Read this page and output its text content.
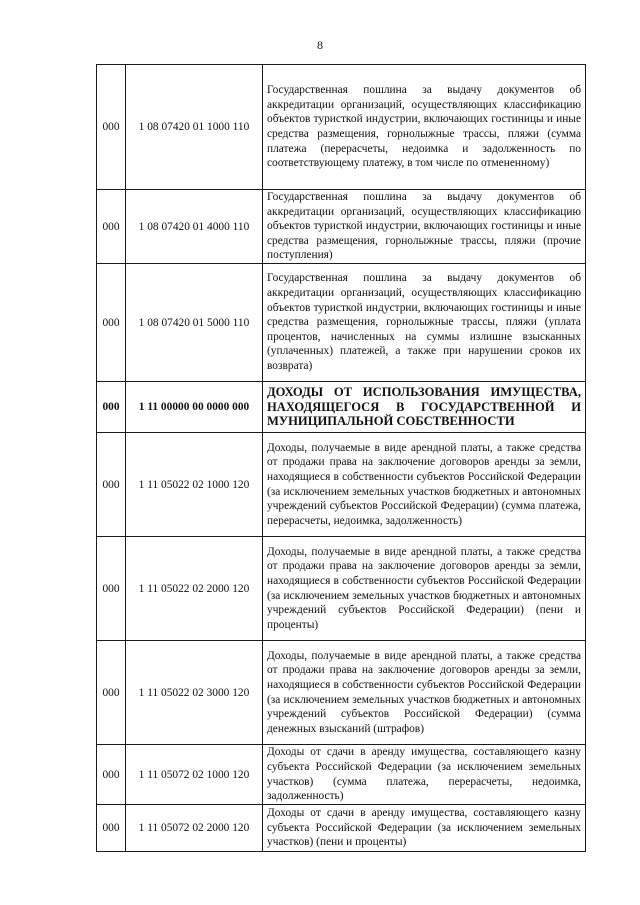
8
000	1 08 07420 01 1000 110	Государственная пошлина за выдачу документов об аккредитации организаций, осуществляющих классификацию объектов туристкой индустрии, включающих гостиницы и иные средства размещения, горнолыжные трассы, пляжи (сумма платежа (перерасчеты, недоимка и задолженность по соответствующему платежу, в том числе по отмененному)
000	1 08 07420 01 4000 110	Государственная пошлина за выдачу документов об аккредитации организаций, осуществляющих классификацию объектов туристкой индустрии, включающих гостиницы и иные средства размещения, горнолыжные трассы, пляжи (прочие поступления)
000	1 08 07420 01 5000 110	Государственная пошлина за выдачу документов об аккредитации организаций, осуществляющих классификацию объектов туристкой индустрии, включающих гостиницы и иные средства размещения, горнолыжные трассы, пляжи (уплата процентов, начисленных на суммы излишне взысканных (уплаченных) платежей, а также при нарушении сроков их возврата)
000	1 11 00000 00 0000 000	ДОХОДЫ ОТ ИСПОЛЬЗОВАНИЯ ИМУЩЕСТВА, НАХОДЯЩЕГОСЯ В ГОСУДАРСТВЕННОЙ И МУНИЦИПАЛЬНОЙ СОБСТВЕННОСТИ
000	1 11 05022 02 1000 120	Доходы, получаемые в виде арендной платы, а также средства от продажи права на заключение договоров аренды за земли, находящиеся в собственности субъектов Российской Федерации (за исключением земельных участков бюджетных и автономных учреждений субъектов Российской Федерации) (сумма платежа, перерасчеты, недоимка, задолженность)
000	1 11 05022 02 2000 120	Доходы, получаемые в виде арендной платы, а также средства от продажи права на заключение договоров аренды за земли, находящиеся в собственности субъектов Российской Федерации (за исключением земельных участков бюджетных и автономных учреждений субъектов Российской Федерации) (пени и проценты)
000	1 11 05022 02 3000 120	Доходы, получаемые в виде арендной платы, а также средства от продажи права на заключение договоров аренды за земли, находящиеся в собственности субъектов Российской Федерации (за исключением земельных участков бюджетных и автономных учреждений субъектов Российской Федерации) (сумма денежных взысканий (штрафов)
000	1 11 05072 02 1000 120	Доходы от сдачи в аренду имущества, составляющего казну субъекта Российской Федерации (за исключением земельных участков) (сумма платежа, перерасчеты, недоимка, задолженность)
000	1 11 05072 02 2000 120	Доходы от сдачи в аренду имущества, составляющего казну субъекта Российской Федерации (за исключением земельных участков) (пени и проценты)
